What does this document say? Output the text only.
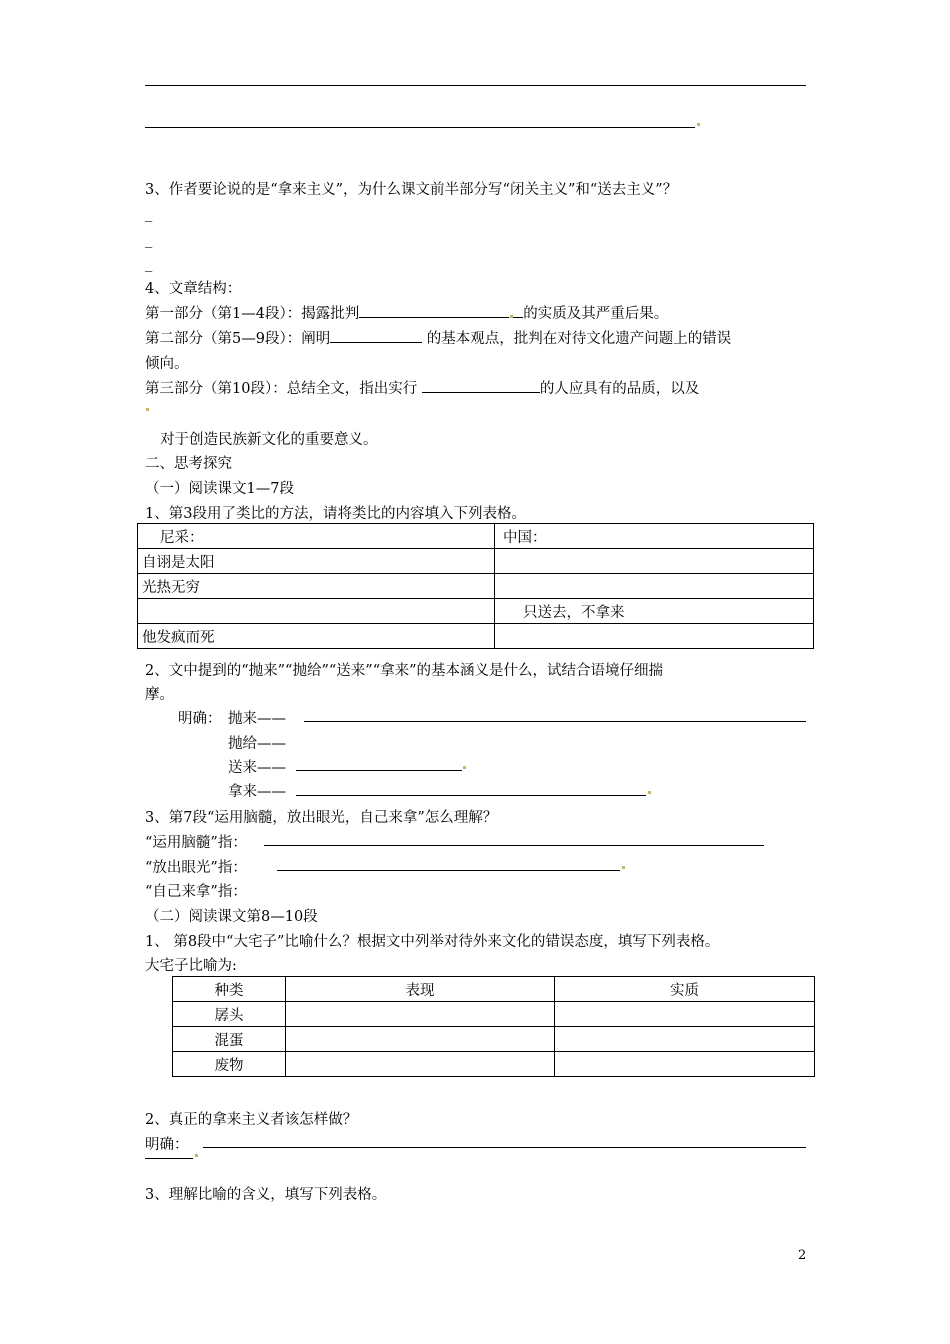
3、作者要论说的是“拿来主义”，为什么课文前半部分写“闭关主义”和“送去主义”？
_
_
_
4、文章结构：
第一部分（第1—4段）：揭露批判	的实质及其严重后果。
第二部分（第5—9段）：阐明	的基本观点，批判在对待文化遗产问题上的错误
倾向。
第三部分（第10段）：总结全文，指出实行	的人应具有的品质，以及
对于创造民族新文化的重要意义。
二、思考探究
（一）阅读课文1—7段
1、第3段用了类比的方法，请将类比的内容填入下列表格。
尼采：	中国：
自诩是太阳	
光热无穷	
	只送去，不拿来
他发疯而死	
2、文中提到的“抛来”“抛给”“送来”“拿来”的基本涵义是什么，试结合语境仔细揣
摩。
明确： 抛来——
抛给——
送来——
拿来——
3、第7段“运用脑髓，放出眼光，自己来拿”怎么理解？
“运用脑髓”指：
“放出眼光”指：
“自己来拿”指：
（二）阅读课文第8—10段
1、 第8段中“大宅子”比喻什么？根据文中列举对待外来文化的错误态度，填写下列表格。
大宅子比喻为:
种类	表现	实质
孱头		
混蛋		
废物		
2、真正的拿来主义者该怎样做？
明确：
3、理解比喻的含义，填写下列表格。
2
